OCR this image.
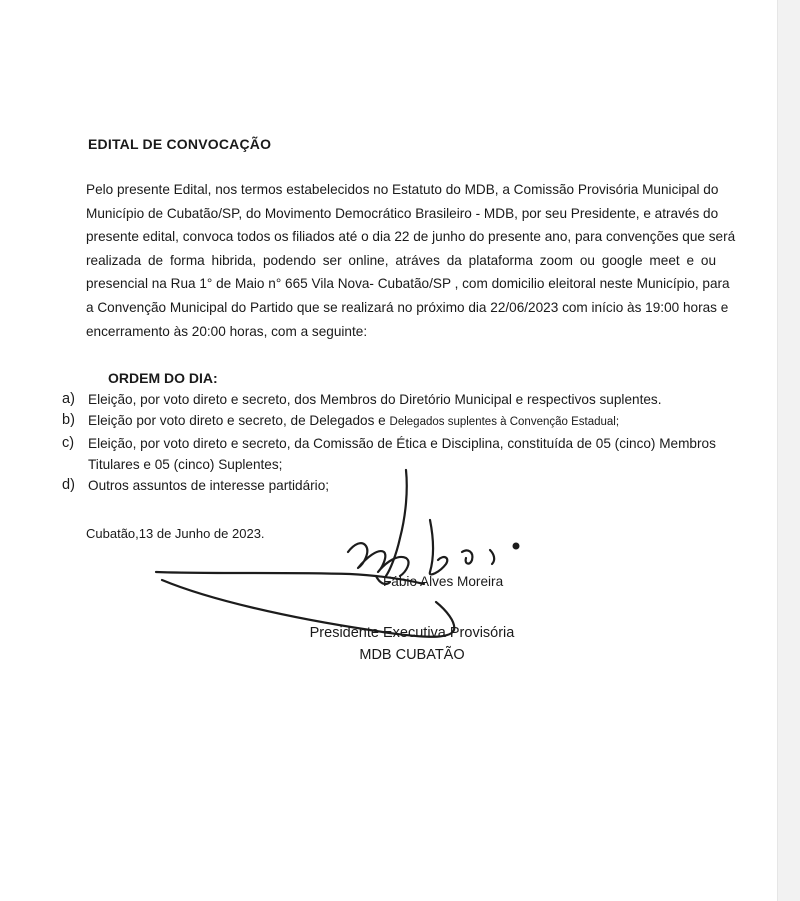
EDITAL DE CONVOCAÇÃO
Pelo presente Edital, nos termos estabelecidos no Estatuto do MDB, a Comissão Provisória Municipal do
Município de Cubatão/SP, do Movimento Democrático Brasileiro - MDB, por seu Presidente, e através do
presente edital, convoca todos os filiados até o dia 22 de junho do presente ano, para convenções que será
realizada de forma hibrida, podendo ser online, atráves da plataforma zoom ou google meet e ou
presencial na Rua 1° de Maio n° 665 Vila Nova- Cubatão/SP , com domicilio eleitoral neste Município, para
a Convenção Municipal do Partido que se realizará no próximo dia 22/06/2023 com início às 19:00 horas e
encerramento às 20:00 horas, com a seguinte:
ORDEM DO DIA:
a) Eleição, por voto direto e secreto, dos Membros do Diretório Municipal e respectivos suplentes.
b) Eleição por voto direto e secreto, de Delegados e Delegados suplentes à Convenção Estadual;
c)	Eleição, por voto direto e secreto, da Comissão de Ética e Disciplina, constituída de 05 (cinco) Membros
Titulares e 05 (cinco) Suplentes;
d) Outros assuntos de interesse partidário;
Cubatão,13 de Junho de 2023.
Fábio Alves Moreira
Presidente Executiva Provisória
MDB CUBATÃO
